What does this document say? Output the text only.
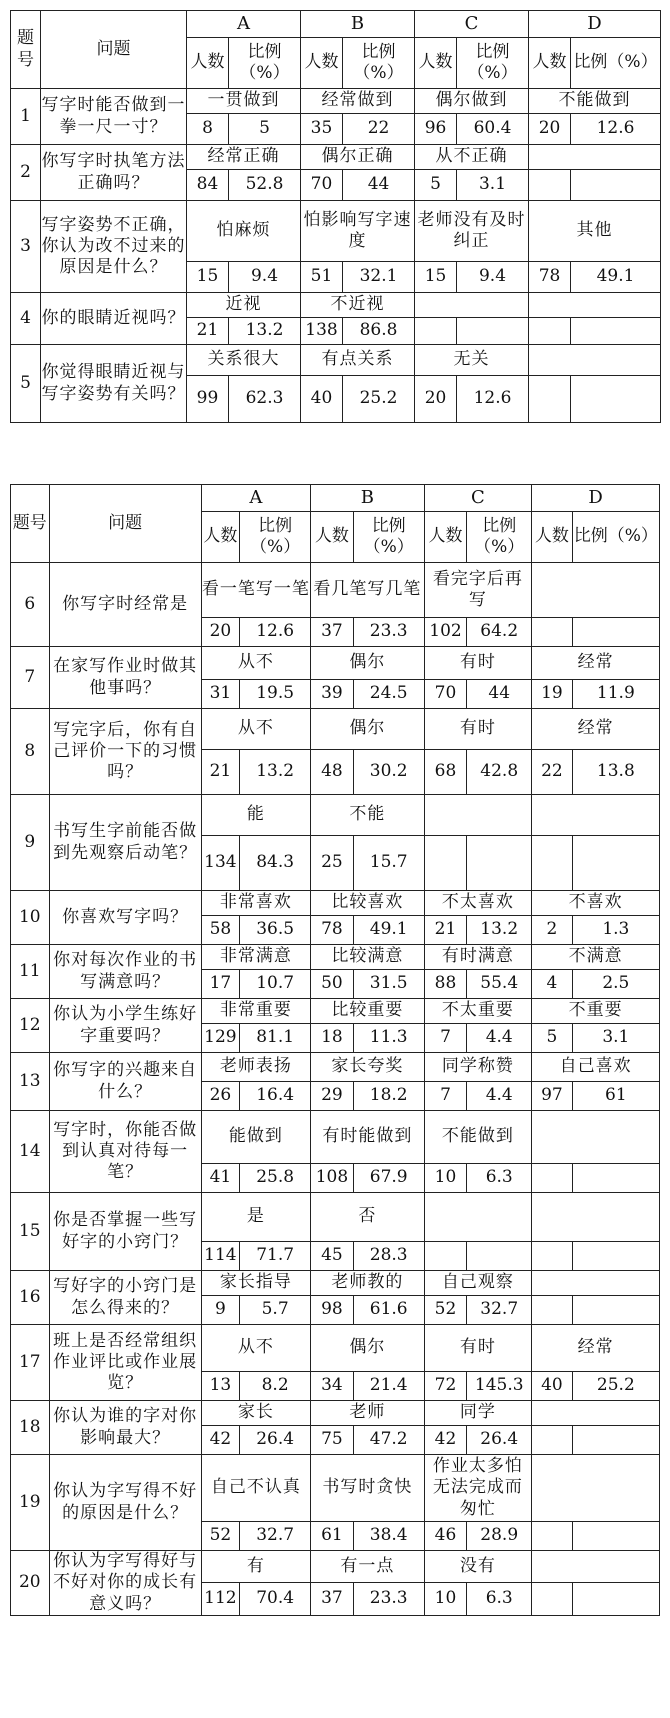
题号	问题	A		B		C		D	
		人数	比例（%）	人数	比例（%）	人数	比例（%）	人数	比例（%）
1	写字时能否做到一拳一尺一寸？	一贯做到		经常做到		偶尔做到		不能做到	
		8	5	35	22	96	60.4	20	12.6
2	你写字时执笔方法正确吗？	经常正确		偶尔正确		从不正确			
		84	52.8	70	44	5	3.1		
3	写字姿势不正确，你认为改不过来的原因是什么？	怕麻烦		怕影响写字速度		老师没有及时纠正		其他	
		15	9.4	51	32.1	15	9.4	78	49.1
4	你的眼睛近视吗？	近视		不近视					
		21	13.2	138	86.8				
5	你觉得眼睛近视与写字姿势有关吗？	关系很大		有点关系		无关			
		99	62.3	40	25.2	20	12.6		
题号	问题	A		B		C		D	
		人数	比例（%）	人数	比例（%）	人数	比例（%）	人数	比例（%）
6	你写字时经常是	看一笔写一笔		看几笔写几笔		看完字后再写			
		20	12.6	37	23.3	102	64.2		
7	在家写作业时做其他事吗？	从不		偶尔		有时		经常	
		31	19.5	39	24.5	70	44	19	11.9
8	写完字后，你有自己评价一下的习惯吗？	从不		偶尔		有时		经常	
		21	13.2	48	30.2	68	42.8	22	13.8
9	书写生字前能否做到先观察后动笔？	能		不能					
		134	84.3	25	15.7				
10	你喜欢写字吗？	非常喜欢		比较喜欢		不太喜欢		不喜欢	
		58	36.5	78	49.1	21	13.2	2	1.3
11	你对每次作业的书写满意吗？	非常满意		比较满意		有时满意		不满意	
		17	10.7	50	31.5	88	55.4	4	2.5
12	你认为小学生练好字重要吗？	非常重要		比较重要		不太重要		不重要	
		129	81.1	18	11.3	7	4.4	5	3.1
13	你写字的兴趣来自什么？	老师表扬		家长夸奖		同学称赞		自己喜欢	
		26	16.4	29	18.2	7	4.4	97	61
14	写字时，你能否做到认真对待每一笔？	能做到		有时能做到		不能做到			
		41	25.8	108	67.9	10	6.3		
15	你是否掌握一些写好字的小窍门？	是		否					
		114	71.7	45	28.3				
16	写好字的小窍门是怎么得来的？	家长指导		老师教的		自己观察			
		9	5.7	98	61.6	52	32.7		
17	班上是否经常组织作业评比或作业展览？	从不		偶尔		有时		经常	
		13	8.2	34	21.4	72	145.3	40	25.2
18	你认为谁的字对你影响最大？	家长		老师		同学			
		42	26.4	75	47.2	42	26.4		
19	你认为字写得不好的原因是什么？	自己不认真		书写时贪快		作业太多怕无法完成而匆忙			
		52	32.7	61	38.4	46	28.9		
20	你认为字写得好与不好对你的成长有意义吗？	有		有一点		没有			
		112	70.4	37	23.3	10	6.3		
